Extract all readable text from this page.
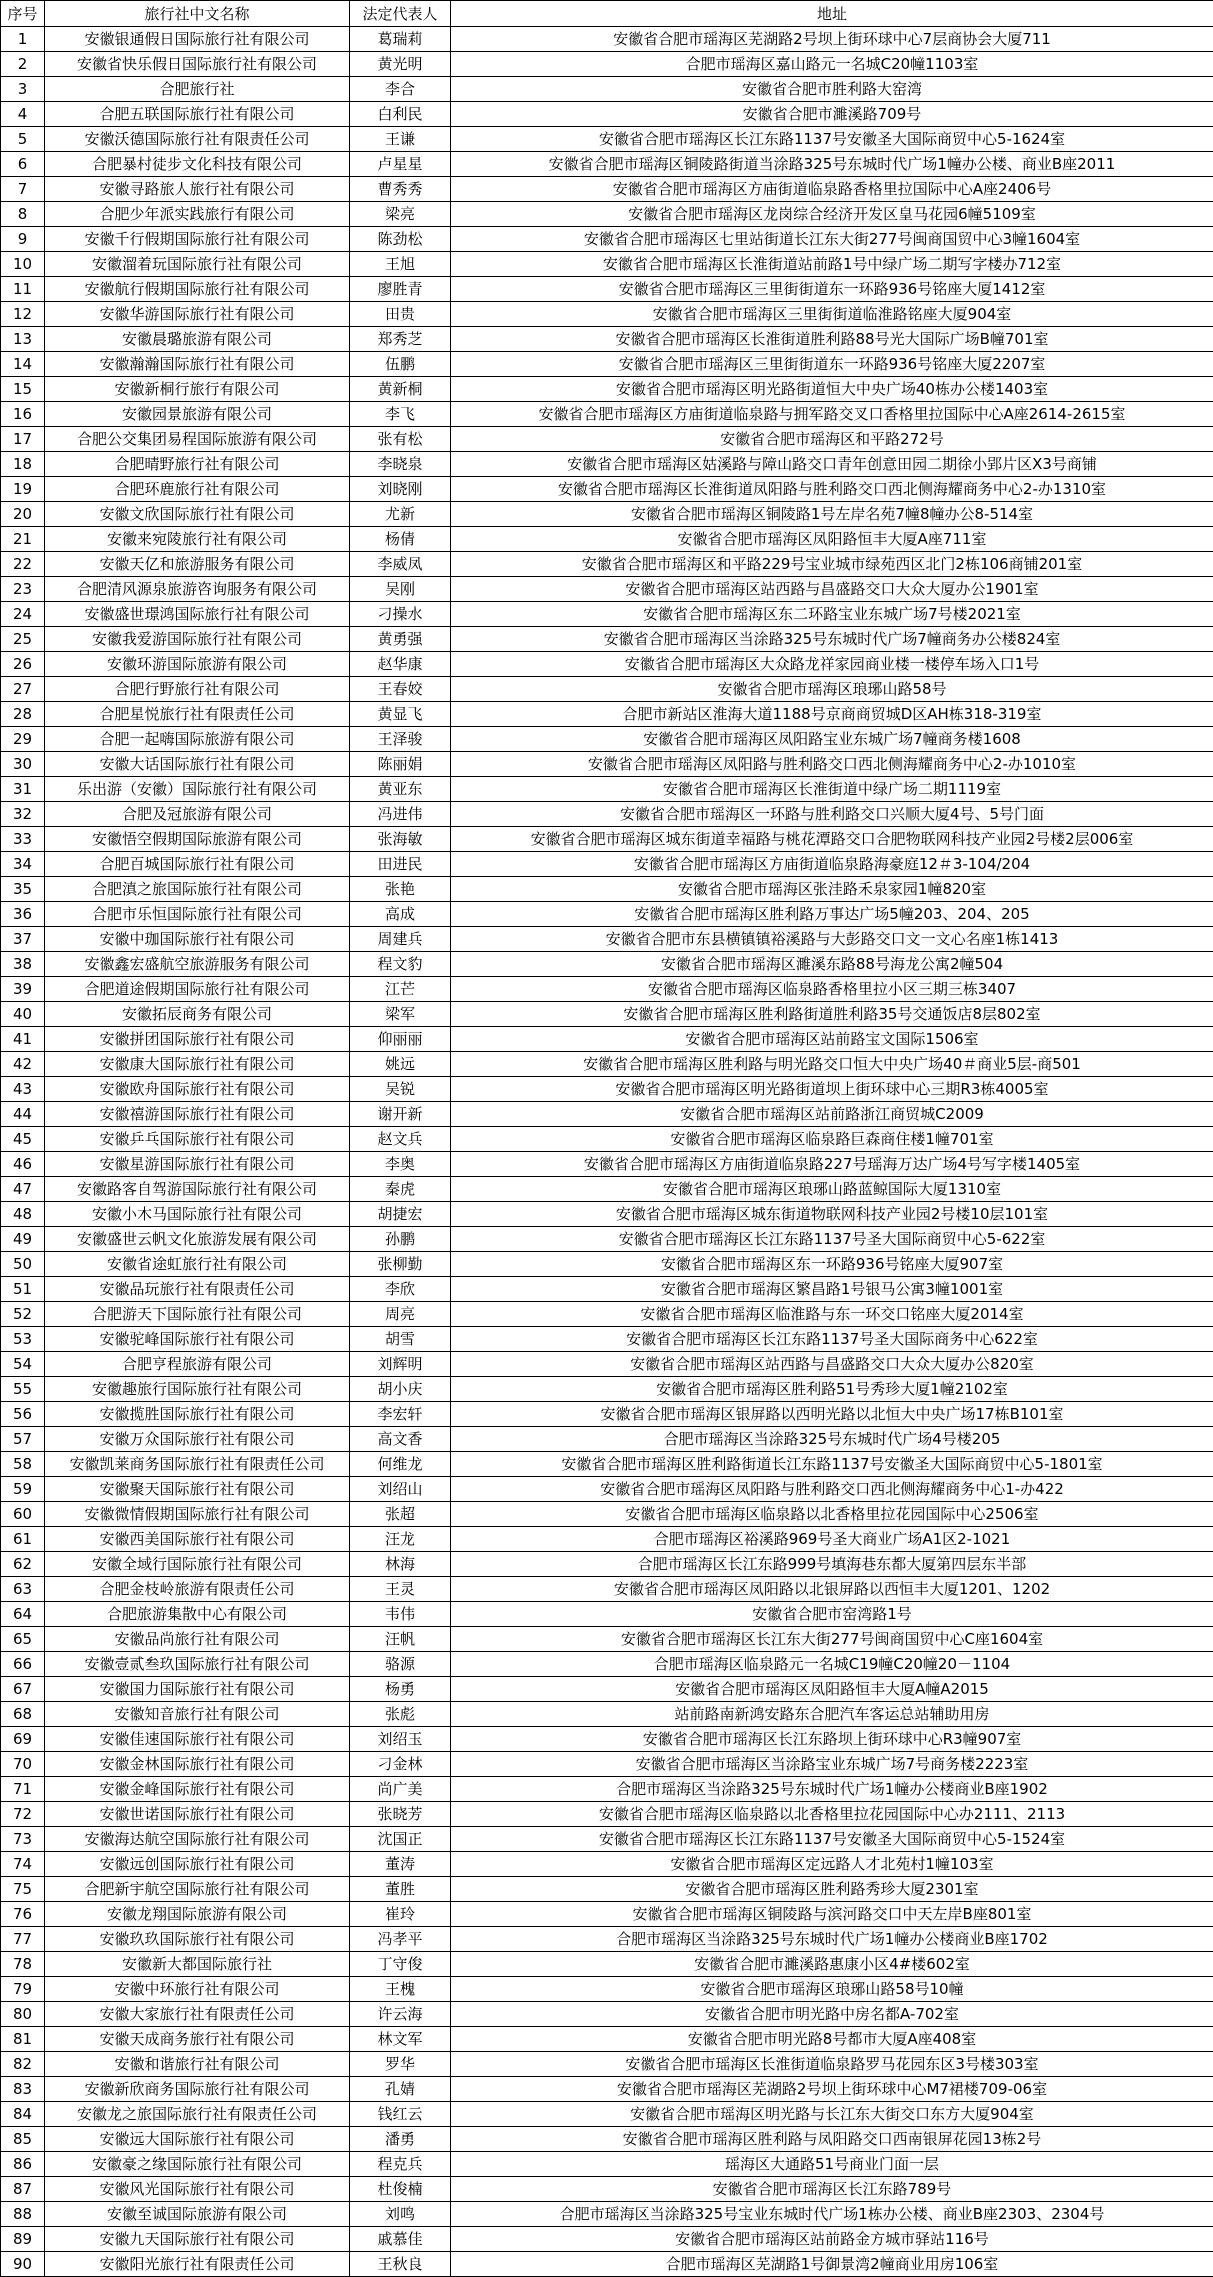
序号	旅行社中文名称	法定代表人	地址
1	安徽银通假日国际旅行社有限公司	葛瑞莉	安徽省合肥市瑶海区芜湖路2号坝上街环球中心7层商协会大厦711
2	安徽省快乐假日国际旅行社有限公司	黄光明	合肥市瑶海区嘉山路元一名城C20幢1103室
3	合肥旅行社	李合	安徽省合肥市胜利路大窑湾
4	合肥五联国际旅行社有限公司	白利民	安徽省合肥市濉溪路709号
5	安徽沃德国际旅行社有限责任公司	王谦	安徽省合肥市瑶海区长江东路1137号安徽圣大国际商贸中心5-1624室
6	合肥暴村徒步文化科技有限公司	卢星星	安徽省合肥市瑶海区铜陵路街道当涂路325号东城时代广场1幢办公楼、商业B座2011
7	安徽寻路旅人旅行社有限公司	曹秀秀	安徽省合肥市瑶海区方庙街道临泉路香格里拉国际中心A座2406号
8	合肥少年派实践旅行有限公司	梁亮	安徽省合肥市瑶海区龙岗综合经济开发区皇马花园6幢5109室
9	安徽千行假期国际旅行社有限公司	陈劲松	安徽省合肥市瑶海区七里站街道长江东大街277号闽商国贸中心3幢1604室
10	安徽溜着玩国际旅行社有限公司	王旭	安徽省合肥市瑶海区长淮街道站前路1号中绿广场二期写字楼办712室
11	安徽航行假期国际旅行社有限公司	廖胜青	安徽省合肥市瑶海区三里街街道东一环路936号铭座大厦1412室
12	安徽华游国际旅行社有限公司	田贵	安徽省合肥市瑶海区三里街街道临淮路铭座大厦904室
13	安徽晨璐旅游有限公司	郑秀芝	安徽省合肥市瑶海区长淮街道胜利路88号光大国际广场B幢701室
14	安徽瀚瀚国际旅行社有限公司	伍鹏	安徽省合肥市瑶海区三里街街道东一环路936号铭座大厦2207室
15	安徽新桐行旅行有限公司	黄新桐	安徽省合肥市瑶海区明光路街道恒大中央广场40栋办公楼1403室
16	安徽园景旅游有限公司	李飞	安徽省合肥市瑶海区方庙街道临泉路与拥军路交叉口香格里拉国际中心A座2614-2615室
17	合肥公交集团易程国际旅游有限公司	张有松	安徽省合肥市瑶海区和平路272号
18	合肥晴野旅行社有限公司	李晓泉	安徽省合肥市瑶海区姑溪路与障山路交口青年创意田园二期徐小郢片区X3号商铺
19	合肥环鹿旅行社有限公司	刘晓刚	安徽省合肥市瑶海区长淮街道凤阳路与胜利路交口西北侧海耀商务中心2-办1310室
20	安徽文欣国际旅行社有限公司	尤新	安徽省合肥市瑶海区铜陵路1号左岸名苑7幢8幢办公8-514室
21	安徽来宛陵旅行社有限公司	杨倩	安徽省合肥市瑶海区凤阳路恒丰大厦A座711室
22	安徽天亿和旅游服务有限公司	李威凤	安徽省合肥市瑶海区和平路229号宝业城市绿苑西区北门2栋106商铺201室
23	合肥清风源泉旅游咨询服务有限公司	吴刚	安徽省合肥市瑶海区站西路与昌盛路交口大众大厦办公1901室
24	安徽盛世璟鸿国际旅行社有限公司	刁操水	安徽省合肥市瑶海区东二环路宝业东城广场7号楼2021室
25	安徽我爱游国际旅行社有限公司	黄勇强	安徽省合肥市瑶海区当涂路325号东城时代广场7幢商务办公楼824室
26	安徽环游国际旅游有限公司	赵华康	安徽省合肥市瑶海区大众路龙祥家园商业楼一楼停车场入口1号
27	合肥行野旅行社有限公司	王春姣	安徽省合肥市瑶海区琅琊山路58号
28	合肥星悦旅行社有限责任公司	黄显飞	合肥市新站区淮海大道1188号京商商贸城D区AH栋318-319室
29	合肥一起嗨国际旅游有限公司	王泽骏	安徽省合肥市瑶海区凤阳路宝业东城广场7幢商务楼1608
30	安徽大话国际旅行社有限公司	陈丽娟	安徽省合肥市瑶海区凤阳路与胜利路交口西北侧海耀商务中心2-办1010室
31	乐出游（安徽）国际旅行社有限公司	黄亚东	安徽省合肥市瑶海区长淮街道中绿广场二期1119室
32	合肥及冠旅游有限公司	冯进伟	安徽省合肥市瑶海区一环路与胜利路交口兴顺大厦4号、5号门面
33	安徽悟空假期国际旅游有限公司	张海敏	安徽省合肥市瑶海区城东街道幸福路与桃花潭路交口合肥物联网科技产业园2号楼2层006室
34	合肥百城国际旅行社有限公司	田进民	安徽省合肥市瑶海区方庙街道临泉路海豪庭12＃3-104/204
35	合肥滇之旅国际旅行社有限公司	张艳	安徽省合肥市瑶海区张洼路禾泉家园1幢820室
36	合肥市乐恒国际旅行社有限公司	高成	安徽省合肥市瑶海区胜利路万事达广场5幢203、204、205
37	安徽中珈国际旅行社有限公司	周建兵	安徽省合肥市东县横镇镇裕溪路与大彭路交口文一文心名座1栋1413
38	安徽鑫宏盛航空旅游服务有限公司	程文豹	安徽省合肥市瑶海区濉溪东路88号海龙公寓2幢504
39	合肥道途假期国际旅行社有限公司	江芒	安徽省合肥市瑶海区临泉路香格里拉小区三期三栋3407
40	安徽拓辰商务有限公司	梁军	安徽省合肥市瑶海区胜利路街道胜利路35号交通饭店8层802室
41	安徽拼团国际旅行社有限公司	仰丽丽	安徽省合肥市瑶海区站前路宝文国际1506室
42	安徽康大国际旅行社有限公司	姚远	安徽省合肥市瑶海区胜利路与明光路交口恒大中央广场40＃商业5层-商501
43	安徽欧舟国际旅行社有限公司	吴锐	安徽省合肥市瑶海区明光路街道坝上街环球中心三期R3栋4005室
44	安徽禧游国际旅行社有限公司	谢开新	安徽省合肥市瑶海区站前路浙江商贸城C2009
45	安徽乒乓国际旅行社有限公司	赵文兵	安徽省合肥市瑶海区临泉路巨森商住楼1幢701室
46	安徽星游国际旅行社有限公司	李奥	安徽省合肥市瑶海区方庙街道临泉路227号瑶海万达广场4号写字楼1405室
47	安徽路客自驾游国际旅行社有限公司	秦虎	安徽省合肥市瑶海区琅琊山路蓝鲸国际大厦1310室
48	安徽小木马国际旅行社有限公司	胡捷宏	安徽省合肥市瑶海区城东街道物联网科技产业园2号楼10层101室
49	安徽盛世云帆文化旅游发展有限公司	孙鹏	安徽省合肥市瑶海区长江东路1137号圣大国际商贸中心5-622室
50	安徽省途虹旅行社有限公司	张柳勤	安徽省合肥市瑶海区东一环路936号铭座大厦907室
51	安徽品玩旅行社有限责任公司	李欣	安徽省合肥市瑶海区繁昌路1号银马公寓3幢1001室
52	合肥游天下国际旅行社有限公司	周亮	安徽省合肥市瑶海区临淮路与东一环交口铭座大厦2014室
53	安徽驼峰国际旅行社有限公司	胡雪	安徽省合肥市瑶海区长江东路1137号圣大国际商务中心622室
54	合肥亨程旅游有限公司	刘辉明	安徽省合肥市瑶海区站西路与昌盛路交口大众大厦办公820室
55	安徽趣旅行国际旅行社有限公司	胡小庆	安徽省合肥市瑶海区胜利路51号秀珍大厦1幢2102室
56	安徽揽胜国际旅行社有限公司	李宏轩	安徽省合肥市瑶海区银屏路以西明光路以北恒大中央广场17栋B101室
57	安徽万众国际旅行社有限公司	高文香	合肥市瑶海区当涂路325号东城时代广场4号楼205
58	安徽凯莱商务国际旅行社有限责任公司	何维龙	安徽省合肥市瑶海区胜利路街道长江东路1137号安徽圣大国际商贸中心5-1801室
59	安徽聚天国际旅行社有限公司	刘绍山	安徽省合肥市瑶海区凤阳路与胜利路交口西北侧海耀商务中心1-办422
60	安徽微情假期国际旅行社有限公司	张超	安徽省合肥市瑶海区临泉路以北香格里拉花园国际中心2506室
61	安徽西美国际旅行社有限公司	汪龙	合肥市瑶海区裕溪路969号圣大商业广场A1区2-1021
62	安徽全域行国际旅行社有限公司	林海	合肥市瑶海区长江东路999号填海巷东都大厦第四层东半部
63	合肥金枝岭旅游有限责任公司	王灵	安徽省合肥市瑶海区凤阳路以北银屏路以西恒丰大厦1201、1202
64	合肥旅游集散中心有限公司	韦伟	安徽省合肥市窑湾路1号
65	安徽品尚旅行社有限公司	汪帆	安徽省合肥市瑶海区长江东大街277号闽商国贸中心C座1604室
66	安徽壹贰叁玖国际旅行社有限公司	骆源	合肥市瑶海区临泉路元一名城C19幢C20幢20－1104
67	安徽国力国际旅行社有限公司	杨勇	安徽省合肥市瑶海区凤阳路恒丰大厦A幢A2015
68	安徽知音旅行社有限公司	张彪	站前路南新鸿安路东合肥汽车客运总站辅助用房
69	安徽佳速国际旅行社有限公司	刘绍玉	安徽省合肥市瑶海区长江东路坝上街环球中心R3幢907室
70	安徽金林国际旅行社有限公司	刁金林	安徽省合肥市瑶海区当涂路宝业东城广场7号商务楼2223室
71	安徽金峰国际旅行社有限公司	尚广美	合肥市瑶海区当涂路325号东城时代广场1幢办公楼商业B座1902
72	安徽世诺国际旅行社有限公司	张晓芳	安徽省合肥市瑶海区临泉路以北香格里拉花园国际中心办2111、2113
73	安徽海达航空国际旅行社有限公司	沈国正	安徽省合肥市瑶海区长江东路1137号安徽圣大国际商贸中心5-1524室
74	安徽远创国际旅行社有限公司	董涛	安徽省合肥市瑶海区定远路人才北苑村1幢103室
75	合肥新宇航空国际旅行社有限公司	董胜	安徽省合肥市瑶海区胜利路秀珍大厦2301室
76	安徽龙翔国际旅游有限公司	崔玲	安徽省合肥市瑶海区铜陵路与滨河路交口中天左岸B座801室
77	安徽玖玖国际旅行社有限公司	冯孝平	合肥市瑶海区当涂路325号东城时代广场1幢办公楼商业B座1702
78	安徽新大都国际旅行社	丁守俊	安徽省合肥市濉溪路惠康小区4#楼602室
79	安徽中环旅行社有限公司	王槐	安徽省合肥市瑶海区琅琊山路58号10幢
80	安徽大家旅行社有限责任公司	许云海	安徽省合肥市明光路中房名都A-702室
81	安徽天成商务旅行社有限公司	林文军	安徽省合肥市明光路8号都市大厦A座408室
82	安徽和谐旅行社有限公司	罗华	安徽省合肥市瑶海区长淮街道临泉路罗马花园东区3号楼303室
83	安徽新欣商务国际旅行社有限公司	孔婧	安徽省合肥市瑶海区芜湖路2号坝上街环球中心M7裙楼709-06室
84	安徽龙之旅国际旅行社有限责任公司	钱红云	安徽省合肥市瑶海区明光路与长江东大街交口东方大厦904室
85	安徽远大国际旅行社有限公司	潘勇	安徽省合肥市瑶海区胜利路与凤阳路交口西南银屏花园13栋2号
86	安徽豪之缘国际旅行社有限公司	程克兵	瑶海区大通路51号商业门面一层
87	安徽风光国际旅行社有限公司	杜俊楠	安徽省合肥市瑶海区长江东路789号
88	安徽至诚国际旅游有限公司	刘鸣	合肥市瑶海区当涂路325号宝业东城时代广场1栋办公楼、商业B座2303、2304号
89	安徽九天国际旅行社有限公司	戚慕佳	安徽省合肥市瑶海区站前路金方城市驿站116号
90	安徽阳光旅行社有限责任公司	王秋良	合肥市瑶海区芜湖路1号御景湾2幢商业用房106室
